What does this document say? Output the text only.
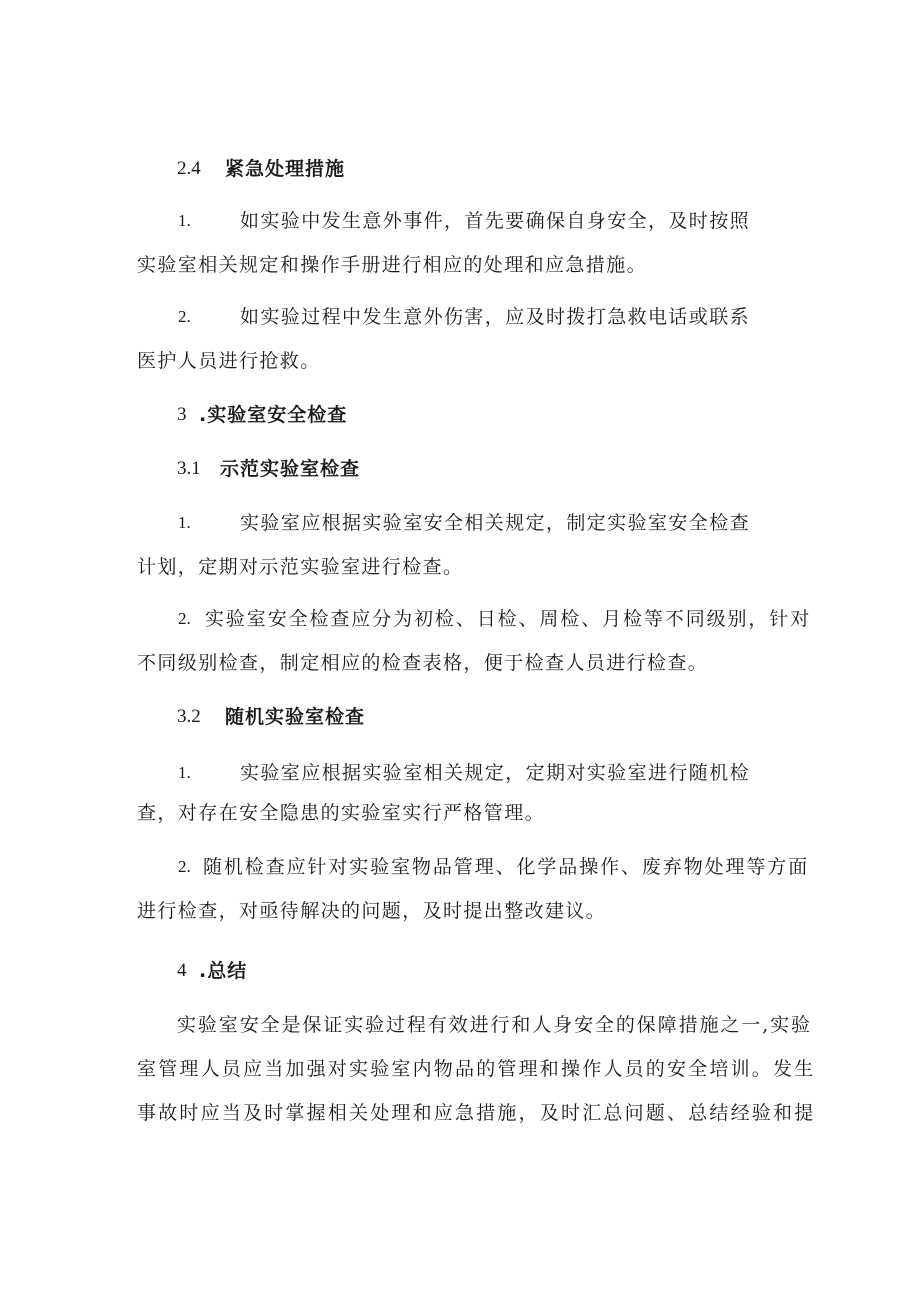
2.4 紧急处理措施
1.	如实验中发生意外事件，首先要确保自身安全，及时按照
实验室相关规定和操作手册进行相应的处理和应急措施。
2.	如实验过程中发生意外伤害，应及时拨打急救电话或联系
医护人员进行抢救。
3 .实验室安全检查
3.1 示范实验室检查
1.	实验室应根据实验室安全相关规定，制定实验室安全检查
计划，定期对示范实验室进行检查。
2. 实验室安全检查应分为初检、日检、周检、月检等不同级别，针对
不同级别检查，制定相应的检查表格，便于检查人员进行检查。
3.2 随机实验室检查
1.	实验室应根据实验室相关规定，定期对实验室进行随机检
查，对存在安全隐患的实验室实行严格管理。
2. 随机检查应针对实验室物品管理、化学品操作、废弃物处理等方面
进行检查，对亟待解决的问题，及时提出整改建议。
4 .总结
实验室安全是保证实验过程有效进行和人身安全的保障措施之一,实验
室管理人员应当加强对实验室内物品的管理和操作人员的安全培训。发生
事故时应当及时掌握相关处理和应急措施，及时汇总问题、总结经验和提
